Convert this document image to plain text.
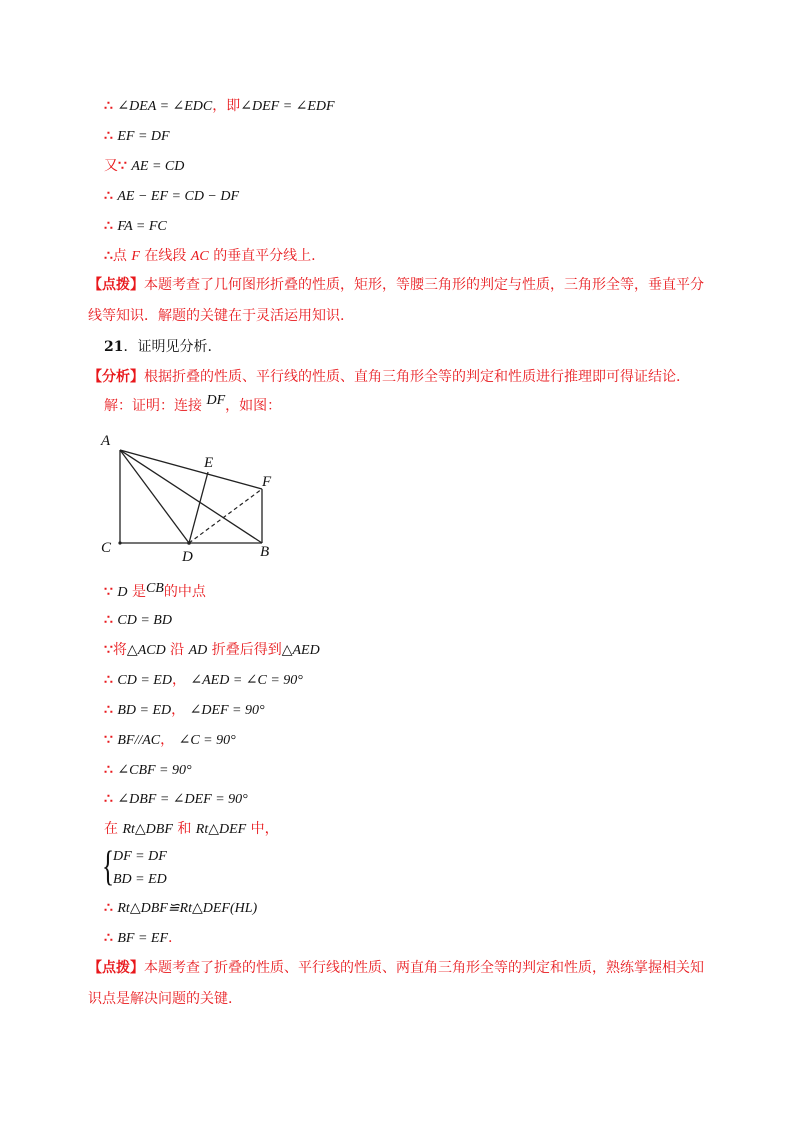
∴ ∠DEA = ∠EDC，即∠DEF = ∠EDF
∴ EF = DF
又∵ AE = CD
∴ AE − EF = CD − DF
∴ FA = FC
∴点 F 在线段 AC 的垂直平分线上.
【点拨】本题考查了几何图形折叠的性质，矩形，等腰三角形的判定与性质，三角形全等，垂直平分
线等知识．解题的关键在于灵活运用知识.
21．证明见分析.
【分析】根据折叠的性质、平行线的性质、直角三角形全等的判定和性质进行推理即可得证结论.
解：证明：连接 DF，如图：
A
E
F
C
D	B
∵ D 是CB的中点
∴ CD = BD
∵将△ACD 沿 AD 折叠后得到△AED
∴ CD = ED， ∠AED = ∠C = 90°
∴ BD = ED， ∠DEF = 90°
∵ BF//AC， ∠C = 90°
∴ ∠CBF = 90°
∴ ∠DBF = ∠DEF = 90°
在 Rt△DBF 和 Rt△DEF 中，
{
DF = DF
BD = ED
∴ Rt△DBF≌Rt△DEF(HL)
∴ BF = EF.
【点拨】本题考查了折叠的性质、平行线的性质、两直角三角形全等的判定和性质，熟练掌握相关知
识点是解决问题的关键.
